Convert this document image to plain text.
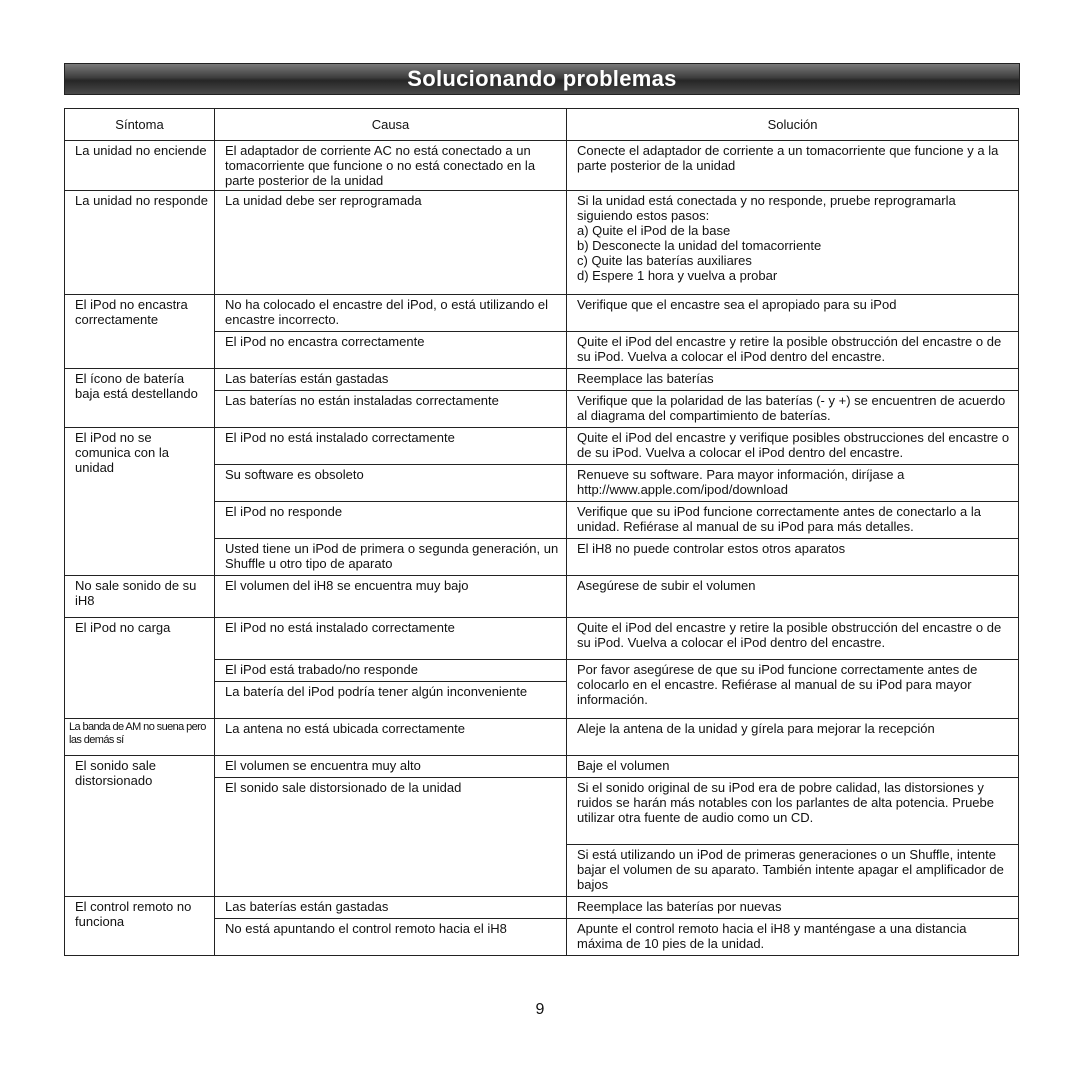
Solucionando problemas
Síntoma	Causa	Solución
La unidad no enciende	El adaptador de corriente AC no está conectado a un tomacorriente que funcione o no está conectado en la parte posterior de la unidad	Conecte el adaptador de corriente a un tomacorriente que funcione y a la parte posterior de la unidad
La unidad no responde	La unidad debe ser reprogramada	Si la unidad está conectada y no responde, pruebe reprogramarla siguiendo estos pasos:
a) Quite el iPod de la base
b) Desconecte la unidad del tomacorriente
c) Quite las baterías auxiliares
d) Espere 1 hora y vuelva a probar
El iPod no encastra correctamente	No ha colocado el encastre del iPod, o está utilizando el encastre incorrecto.	Verifique que el encastre sea el apropiado para su iPod
	El iPod no encastra correctamente	Quite el iPod del encastre y retire la posible obstrucción del encastre o de su iPod. Vuelva a colocar el iPod dentro del encastre.
El ícono de batería baja está destellando	Las baterías están gastadas	Reemplace las baterías
	Las baterías no están instaladas correctamente	Verifique que la polaridad de las baterías (- y +) se encuentren de acuerdo al diagrama del compartimiento de baterías.
El iPod no se comunica con la unidad	El iPod no está instalado correctamente	Quite el iPod del encastre y verifique posibles obstrucciones del encastre o de su iPod. Vuelva a colocar el iPod dentro del encastre.
	Su software es obsoleto	Renueve su software. Para mayor información, diríjase a http://www.apple.com/ipod/download
	El iPod no responde	Verifique que su iPod funcione correctamente antes de conectarlo a la unidad. Refiérase al manual de su iPod para más detalles.
	Usted tiene un iPod de primera o segunda generación, un Shuffle u otro tipo de aparato	El iH8 no puede controlar estos otros aparatos
No sale sonido de su iH8	El volumen del iH8 se encuentra muy bajo	Asegúrese de subir el volumen
El iPod no carga	El iPod no está instalado correctamente	Quite el iPod del encastre y retire la posible obstrucción del encastre o de su iPod. Vuelva a colocar el iPod dentro del encastre.
	El iPod está trabado/no responde	Por favor asegúrese de que su iPod funcione correctamente antes de colocarlo en el encastre. Refiérase al manual de su iPod para mayor información.
	La batería del iPod podría tener algún inconveniente	
La banda de AM no suena pero las demás sí	La antena no está ubicada correctamente	Aleje la antena de la unidad y gírela para mejorar la recepción
El sonido sale distorsionado	El volumen se encuentra muy alto	Baje el volumen
	El sonido sale distorsionado de la unidad	Si el sonido original de su iPod era de pobre calidad, las distorsiones y ruidos se harán más notables con los parlantes de alta potencia. Pruebe utilizar otra fuente de audio como un CD.
		Si está utilizando un iPod de primeras generaciones o un Shuffle, intente bajar el volumen de su aparato. También intente apagar el amplificador de bajos
El control remoto no funciona	Las baterías están gastadas	Reemplace las baterías por nuevas
	No está apuntando el control remoto hacia el iH8	Apunte el control remoto hacia el iH8 y manténgase a una distancia máxima de 10 pies de la unidad.
9
